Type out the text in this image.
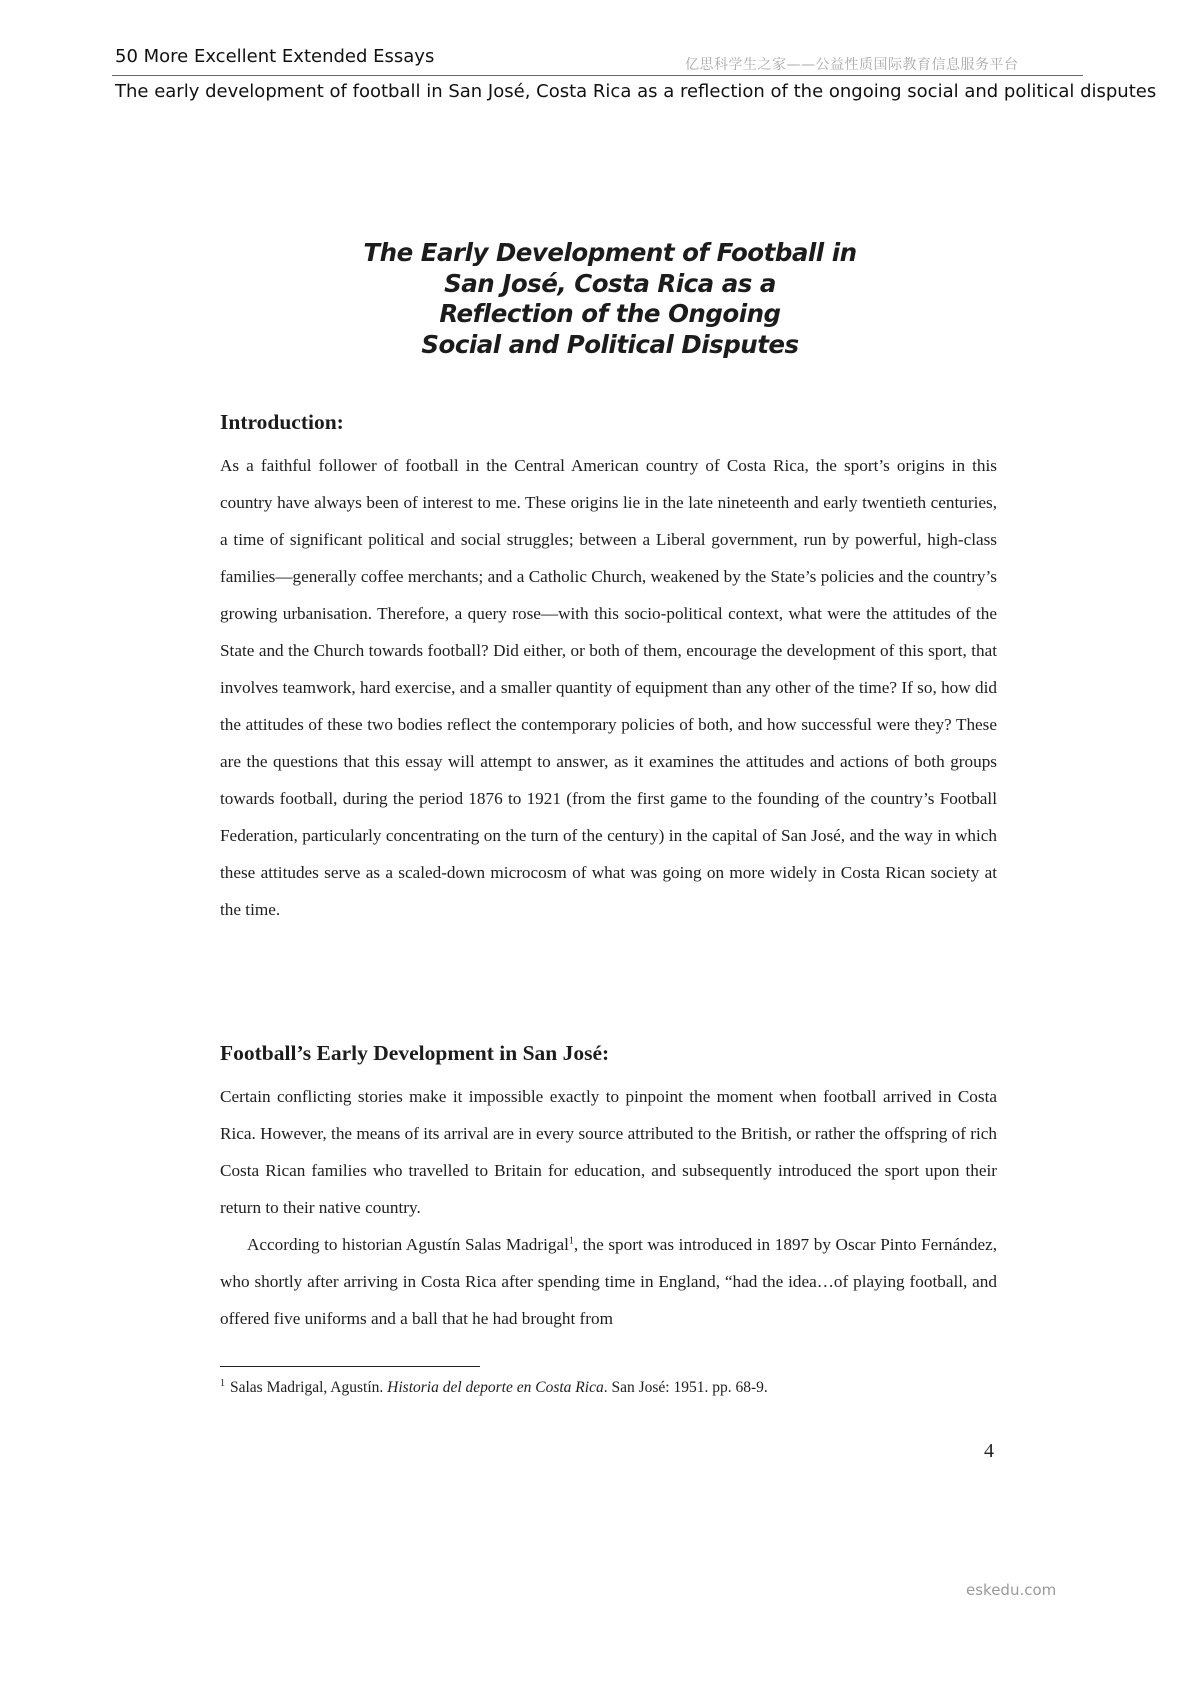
50 More Excellent Extended Essays	亿思科学生之家——公益性质国际教育信息服务平台
The early development of football in San José, Costa Rica as a reflection of the ongoing social and political disputes
The Early Development of Football in
San José, Costa Rica as a
Reflection of the Ongoing
Social and Political Disputes
Introduction:

As a faithful follower of football in the Central American country of Costa Rica, the sport’s origins in this country have always been of interest to me. These origins lie in the late nineteenth and early twentieth centuries, a time of significant political and social struggles; between a Liberal government, run by powerful, high-class families—generally coffee merchants; and a Catholic Church, weakened by the State’s policies and the country’s growing urbanisation. Therefore, a query rose—with this socio-political context, what were the attitudes of the State and the Church towards football? Did either, or both of them, encourage the development of this sport, that involves teamwork, hard exercise, and a smaller quantity of equipment than any other of the time? If so, how did the attitudes of these two bodies reflect the contemporary policies of both, and how successful were they? These are the questions that this essay will attempt to answer, as it examines the attitudes and actions of both groups towards football, during the period 1876 to 1921 (from the first game to the founding of the country’s Football Federation, particularly concentrating on the turn of the century) in the capital of San José, and the way in which these attitudes serve as a scaled-down microcosm of what was going on more widely in Costa Rican society at the time.

Football’s Early Development in San José:

Certain conflicting stories make it impossible exactly to pinpoint the moment when football arrived in Costa Rica. However, the means of its arrival are in every source attributed to the British, or rather the offspring of rich Costa Rican families who travelled to Britain for education, and subsequently introduced the sport upon their return to their native country.

According to historian Agustín Salas Madrigal$^1$, the sport was introduced in 1897 by Oscar Pinto Fernández, who shortly after arriving in Costa Rica after spending time in England, “had the idea…of playing football, and offered five uniforms and a ball that he had brought from

$^1$ Salas Madrigal, Agustín. Historia del deporte en Costa Rica. San José: 1951. pp. 68-9.
4
eskedu.com
